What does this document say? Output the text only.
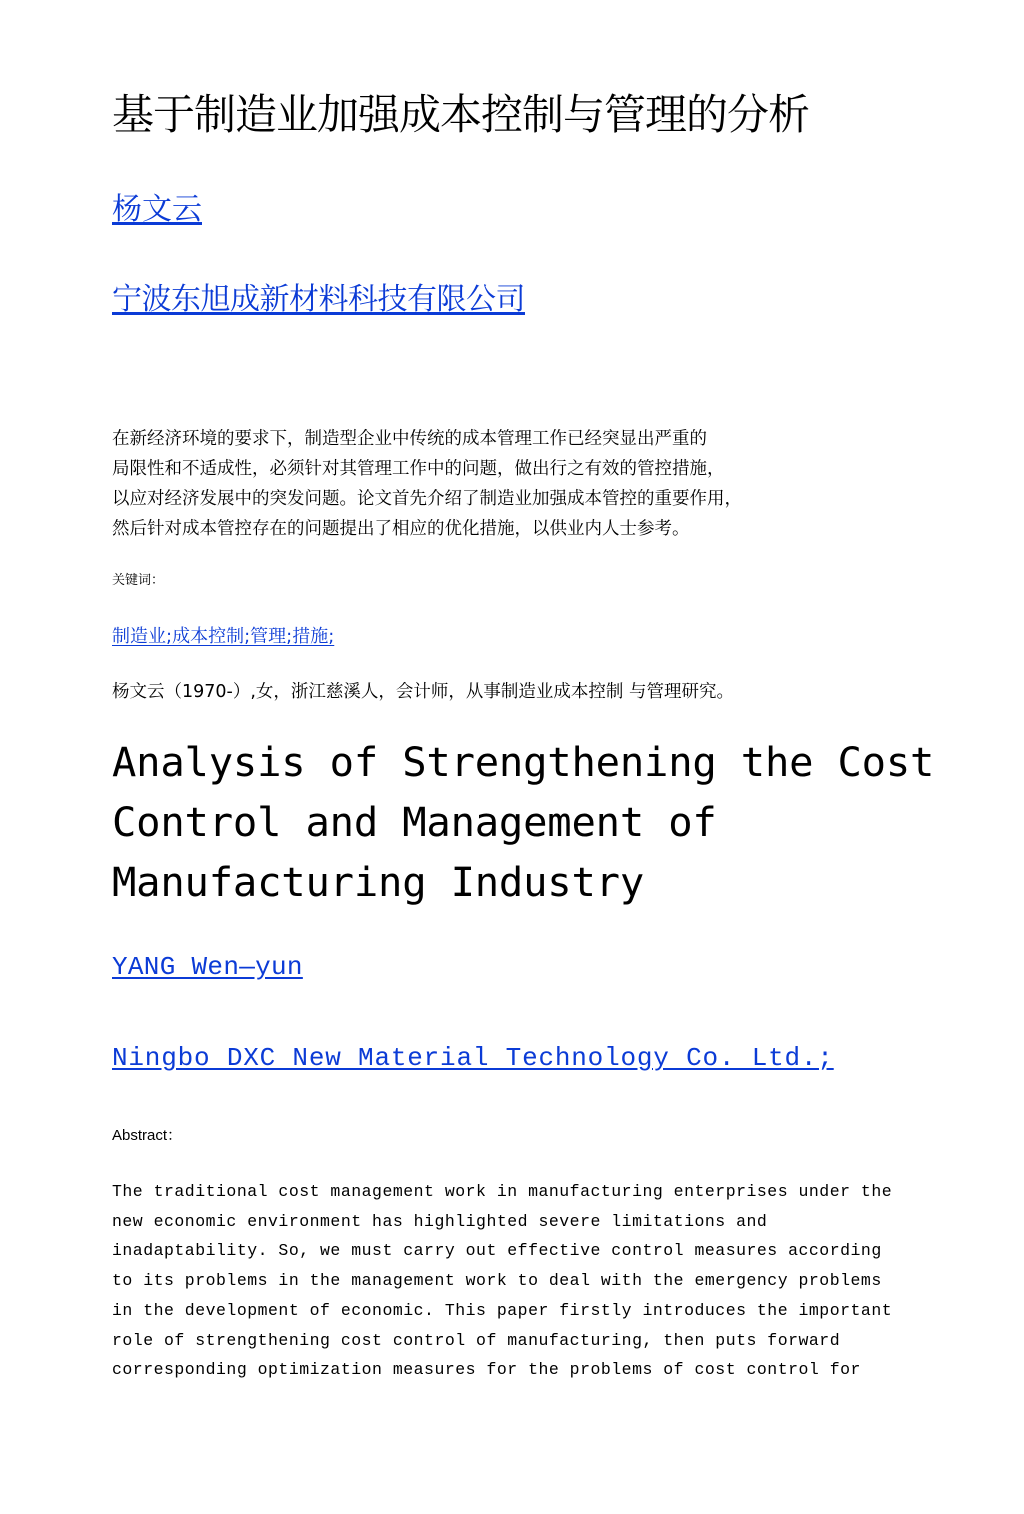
基于制造业加强成本控制与管理的分析
杨文云
宁波东旭成新材料科技有限公司
在新经济环境的要求下，制造型企业中传统的成本管理工作已经突显出严重的
局限性和不适成性，必须针对其管理工作中的问题，做出行之有效的管控措施，
以应对经济发展中的突发问题。论文首先介绍了制造业加强成本管控的重要作用，
然后针对成本管控存在的问题提出了相应的优化措施，以供业内人士参考。
关键词：
制造业;成本控制;管理;措施;
杨文云（1970-）,女，浙江慈溪人，会计师，从事制造业成本控制 与管理研究。
Analysis of Strengthening the Cost
Control and Management of
Manufacturing Industry
YANG Wen—yun
Ningbo DXC New Material Technology Co. Ltd.;
Abstract：
The traditional cost management work in manufacturing enterprises under the
new economic environment has highlighted severe limitations and
inadaptability. So, we must carry out effective control measures according
to its problems in the management work to deal with the emergency problems
in the development of economic. This paper firstly introduces the important
role of strengthening cost control of manufacturing, then puts forward
corresponding optimization measures for the problems of cost control for
